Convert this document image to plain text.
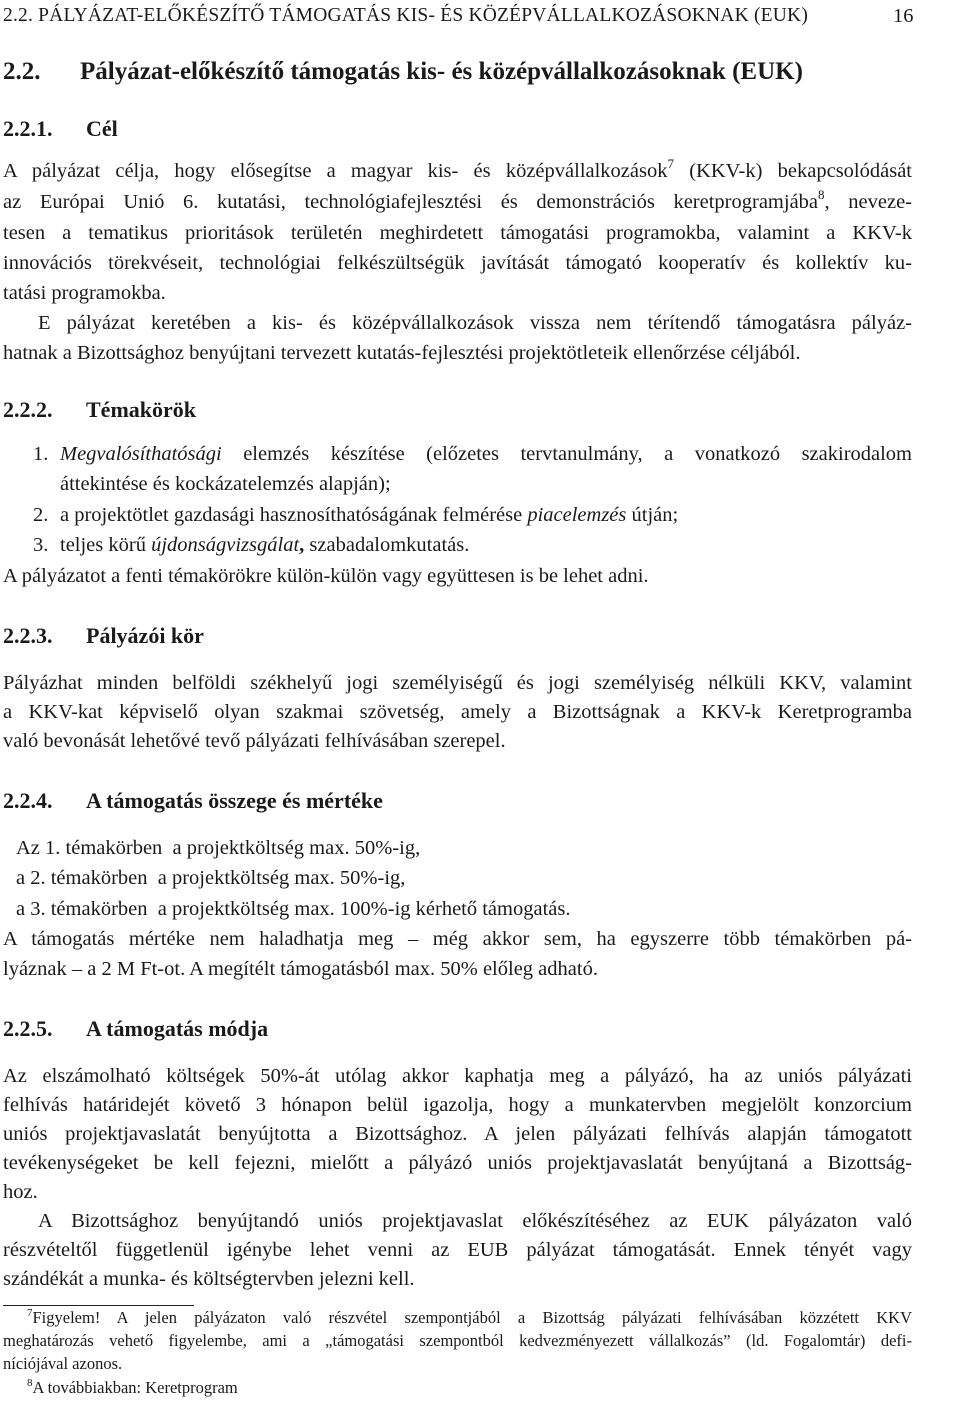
2.2. PÁLYÁZAT-ELŐKÉSZÍTŐ TÁMOGATÁS KIS- ÉS KÖZÉPVÁLLALKOZÁSOKNAK (EUK)	16
2.2. Pályázat-előkészítő támogatás kis- és középvállalkozásoknak (EUK)
2.2.1. Cél
A pályázat célja, hogy elősegítse a magyar kis- és középvállalkozások$^7$ (KKV-k) bekapcsolódását
az Európai Unió 6. kutatási, technológiafejlesztési és demonstrációs keretprogramjába$^8$, neveze-
tesen a tematikus prioritások területén meghirdetett támogatási programokba, valamint a KKV-k
innovációs törekvéseit, technológiai felkészültségük javítását támogató kooperatív és kollektív ku-
tatási programokba.
E pályázat keretében a kis- és középvállalkozások vissza nem térítendő támogatásra pályáz-
hatnak a Bizottsághoz benyújtani tervezett kutatás-fejlesztési projektötleteik ellenőrzése céljából.
2.2.2. Témakörök
1. Megvalósíthatósági elemzés készítése (előzetes tervtanulmány, a vonatkozó szakirodalom
áttekintése és kockázatelemzés alapján);
2. a projektötlet gazdasági hasznosíthatóságának felmérése piacelemzés útján;
3. teljes körű újdonságvizsgálat, szabadalomkutatás.
A pályázatot a fenti témakörökre külön-külön vagy együttesen is be lehet adni.
2.2.3. Pályázói kör
Pályázhat minden belföldi székhelyű jogi személyiségű és jogi személyiség nélküli KKV, valamint
a KKV-kat képviselő olyan szakmai szövetség, amely a Bizottságnak a KKV-k Keretprogramba
való bevonását lehetővé tevő pályázati felhívásában szerepel.
2.2.4. A támogatás összege és mértéke
Az 1. témakörben  a projektköltség max. 50%-ig,
a 2. témakörben  a projektköltség max. 50%-ig,
a 3. témakörben  a projektköltség max. 100%-ig kérhető támogatás.
A támogatás mértéke nem haladhatja meg – még akkor sem, ha egyszerre több témakörben pá-
lyáznak – a 2 M Ft-ot. A megítélt támogatásból max. 50% előleg adható.
2.2.5. A támogatás módja
Az elszámolható költségek 50%-át utólag akkor kaphatja meg a pályázó, ha az uniós pályázati
felhívás határidejét követő 3 hónapon belül igazolja, hogy a munkatervben megjelölt konzorcium
uniós projektjavaslatát benyújtotta a Bizottsághoz. A jelen pályázati felhívás alapján támogatott
tevékenységeket be kell fejezni, mielőtt a pályázó uniós projektjavaslatát benyújtaná a Bizottság-
hoz.
A Bizottsághoz benyújtandó uniós projektjavaslat előkészítéséhez az EUK pályázaton való
részvételtől függetlenül igénybe lehet venni az EUB pályázat támogatását. Ennek tényét vagy
szándékát a munka- és költségtervben jelezni kell.
$^7$Figyelem! A jelen pályázaton való részvétel szempontjából a Bizottság pályázati felhívásában közzétett KKV
meghatározás vehető figyelembe, ami a „támogatási szempontból kedvezményezett vállalkozás” (ld. Fogalomtár) defi-
níciójával azonos.
$^8$A továbbiakban: Keretprogram
